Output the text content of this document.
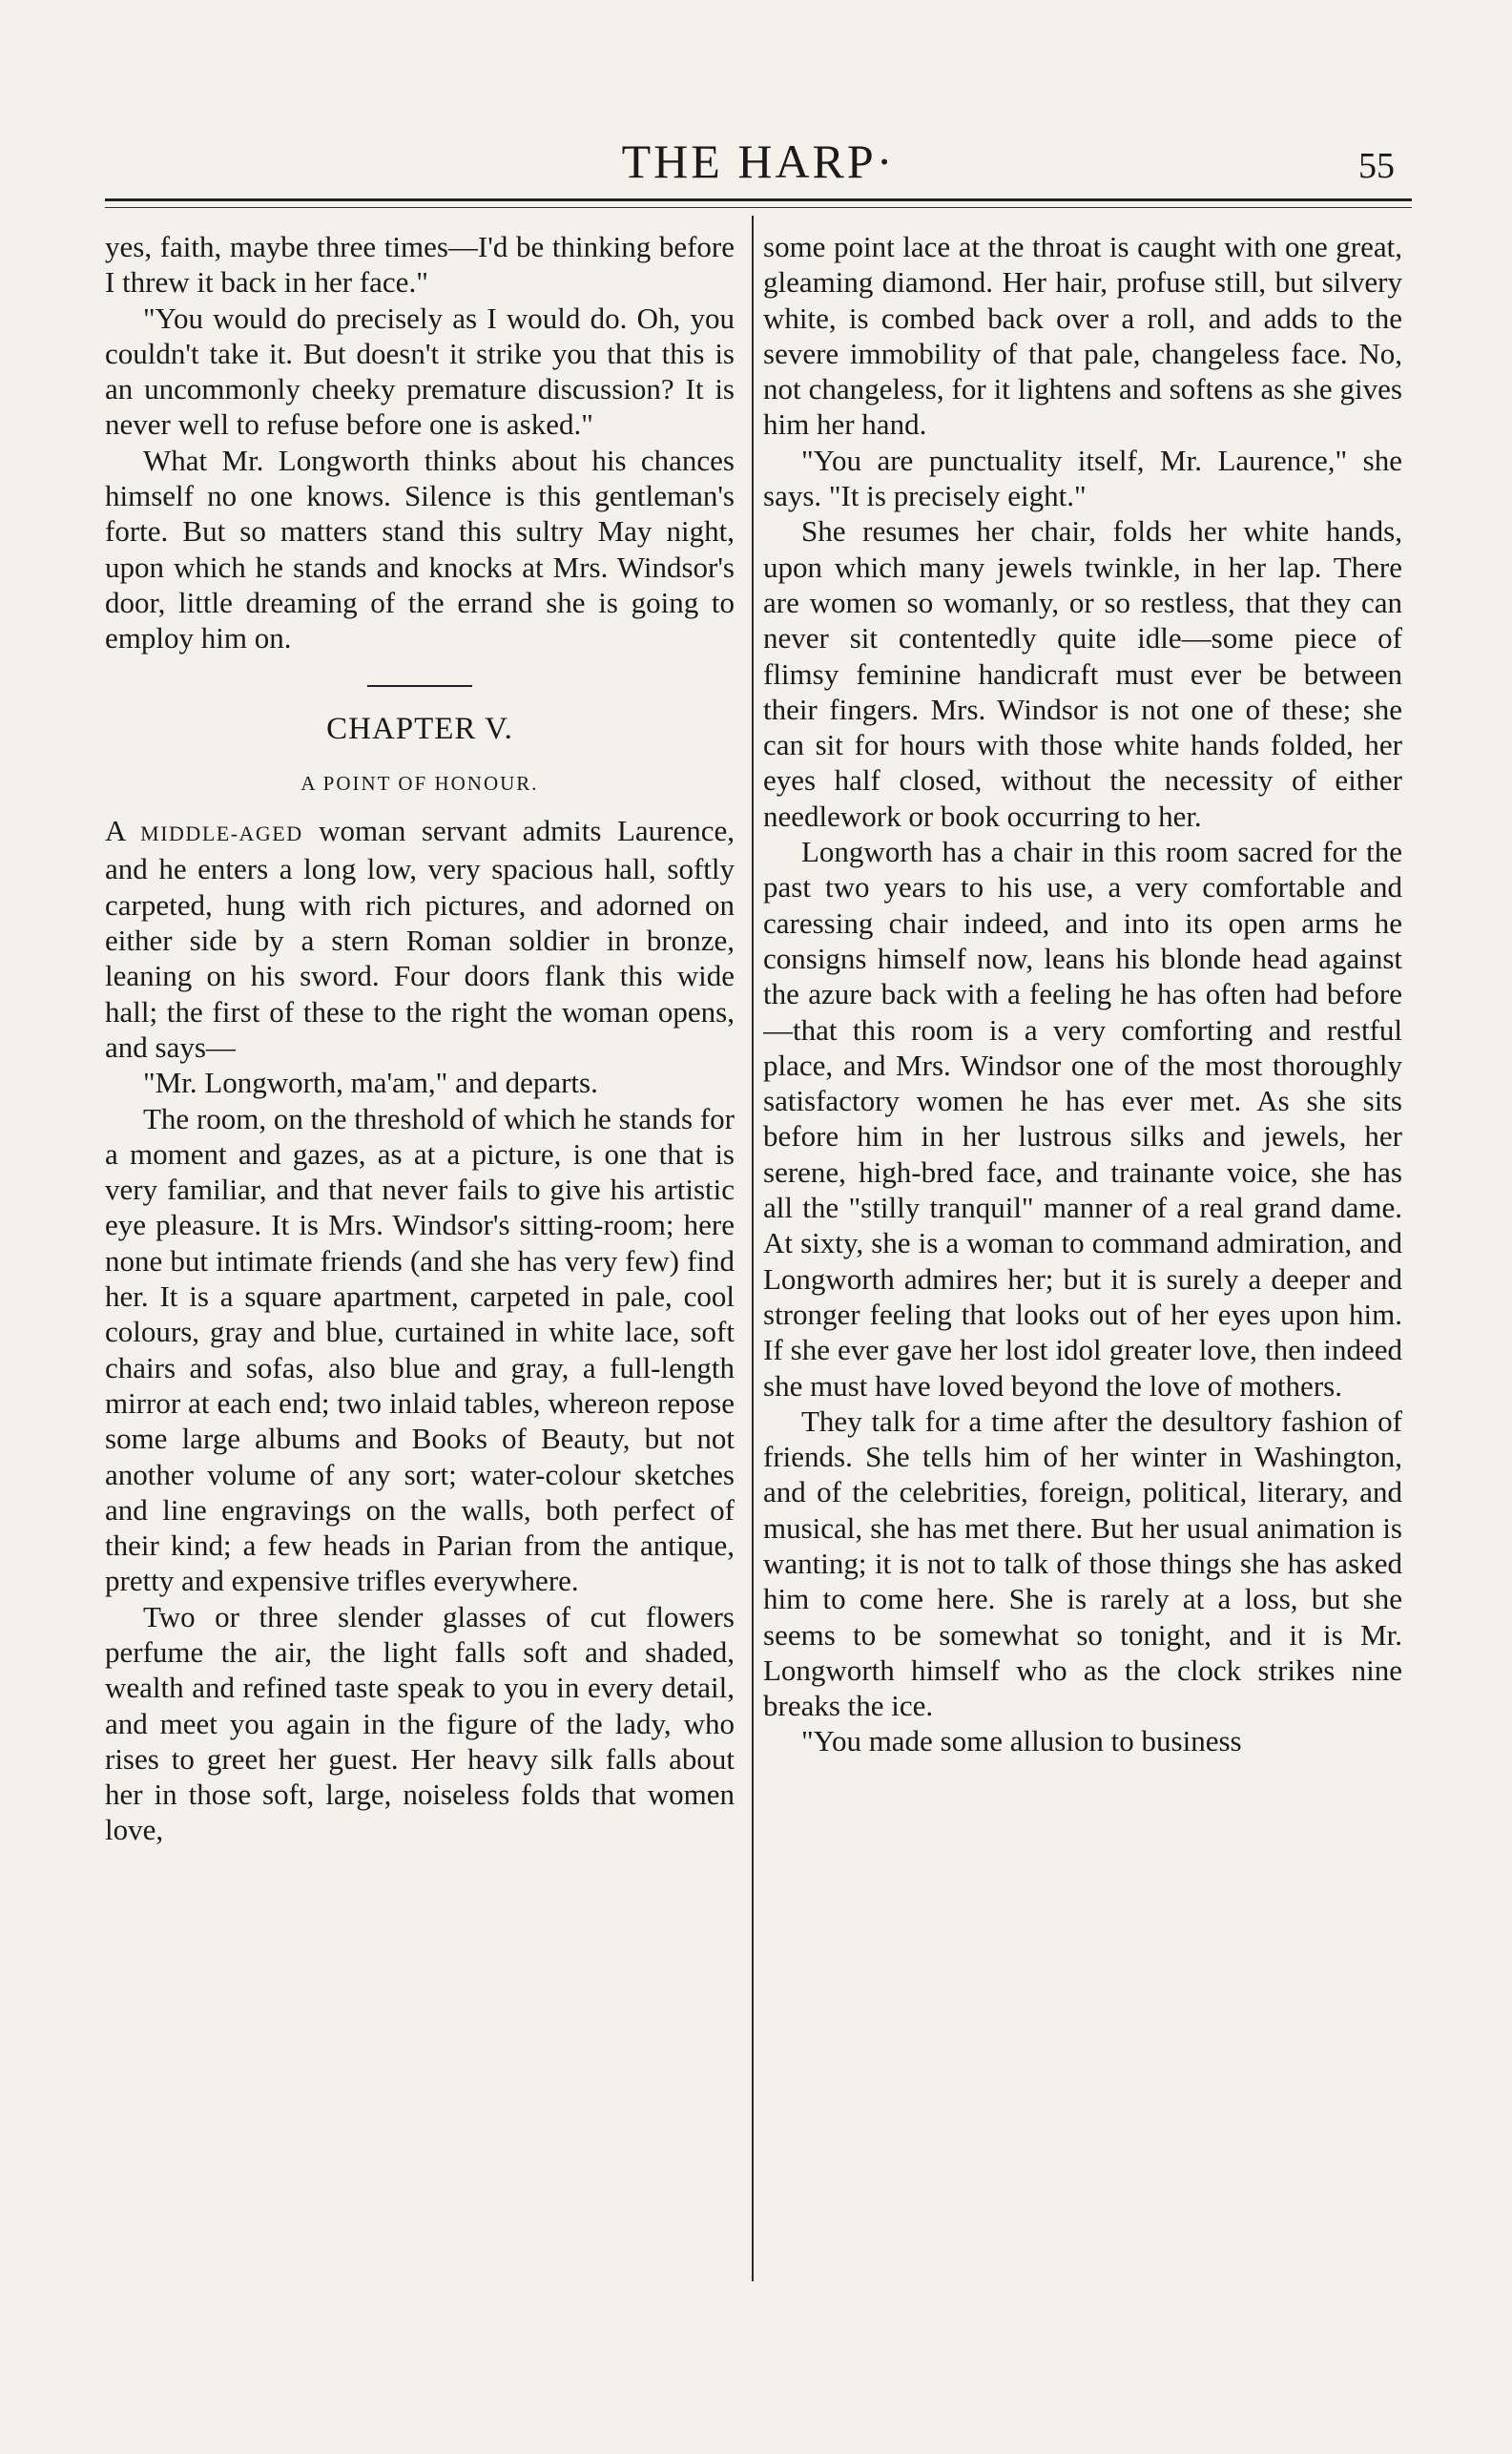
THE HARP·	55

yes, faith, maybe three times—I'd be thinking before I threw it back in her face."

"You would do precisely as I would do. Oh, you couldn't take it. But doesn't it strike you that this is an uncommonly cheeky premature discussion? It is never well to refuse before one is asked."

What Mr. Longworth thinks about his chances himself no one knows. Silence is this gentleman's forte. But so matters stand this sultry May night, upon which he stands and knocks at Mrs. Windsor's door, little dreaming of the errand she is going to employ him on.

CHAPTER V.
A POINT OF HONOUR.

A MIDDLE-AGED woman servant admits Laurence, and he enters a long low, very spacious hall, softly carpeted, hung with rich pictures, and adorned on either side by a stern Roman soldier in bronze, leaning on his sword. Four doors flank this wide hall; the first of these to the right the woman opens, and says—

"Mr. Longworth, ma'am," and departs.

The room, on the threshold of which he stands for a moment and gazes, as at a picture, is one that is very familiar, and that never fails to give his artistic eye pleasure. It is Mrs. Windsor's sitting-room; here none but intimate friends (and she has very few) find her. It is a square apartment, carpeted in pale, cool colours, gray and blue, curtained in white lace, soft chairs and sofas, also blue and gray, a full-length mirror at each end; two inlaid tables, whereon repose some large albums and Books of Beauty, but not another volume of any sort; water-colour sketches and line engravings on the walls, both perfect of their kind; a few heads in Parian from the antique, pretty and expensive trifles everywhere.

Two or three slender glasses of cut flowers perfume the air, the light falls soft and shaded, wealth and refined taste speak to you in every detail, and meet you again in the figure of the lady, who rises to greet her guest. Her heavy silk falls about her in those soft, large, noiseless folds that women love,

some point lace at the throat is caught with one great, gleaming diamond. Her hair, profuse still, but silvery white, is combed back over a roll, and adds to the severe immobility of that pale, changeless face. No, not changeless, for it lightens and softens as she gives him her hand.

"You are punctuality itself, Mr. Laurence," she says. "It is precisely eight."

She resumes her chair, folds her white hands, upon which many jewels twinkle, in her lap. There are women so womanly, or so restless, that they can never sit contentedly quite idle—some piece of flimsy feminine handicraft must ever be between their fingers. Mrs. Windsor is not one of these; she can sit for hours with those white hands folded, her eyes half closed, without the necessity of either needlework or book occurring to her.

Longworth has a chair in this room sacred for the past two years to his use, a very comfortable and caressing chair indeed, and into its open arms he consigns himself now, leans his blonde head against the azure back with a feeling he has often had before—that this room is a very comforting and restful place, and Mrs. Windsor one of the most thoroughly satisfactory women he has ever met. As she sits before him in her lustrous silks and jewels, her serene, high-bred face, and trainante voice, she has all the "stilly tranquil" manner of a real grand dame. At sixty, she is a woman to command admiration, and Longworth admires her; but it is surely a deeper and stronger feeling that looks out of her eyes upon him. If she ever gave her lost idol greater love, then indeed she must have loved beyond the love of mothers.

They talk for a time after the desultory fashion of friends. She tells him of her winter in Washington, and of the celebrities, foreign, political, literary, and musical, she has met there. But her usual animation is wanting; it is not to talk of those things she has asked him to come here. She is rarely at a loss, but she seems to be somewhat so tonight, and it is Mr. Longworth himself who as the clock strikes nine breaks the ice.

"You made some allusion to business
